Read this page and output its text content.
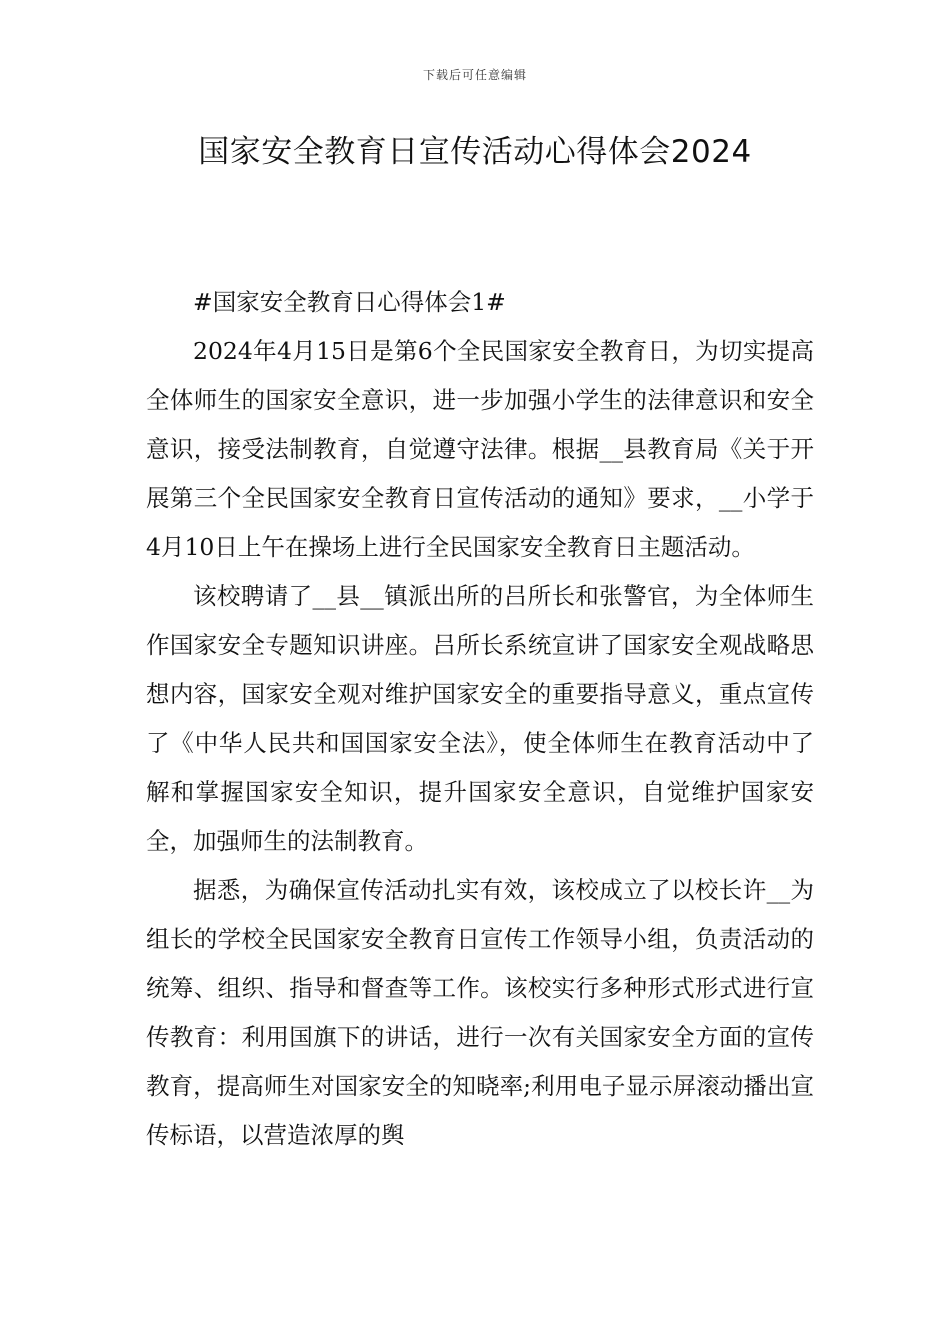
下载后可任意编辑
国家安全教育日宣传活动心得体会2024

#国家安全教育日心得体会1#

2024年4月15日是第6个全民国家安全教育日，为切实提高全体师生的国家安全意识，进一步加强小学生的法律意识和安全意识，接受法制教育，自觉遵守法律。根据__县教育局《关于开展第三个全民国家安全教育日宣传活动的通知》要求，__小学于4月10日上午在操场上进行全民国家安全教育日主题活动。

该校聘请了__县__镇派出所的吕所长和张警官，为全体师生作国家安全专题知识讲座。吕所长系统宣讲了国家安全观战略思想内容，国家安全观对维护国家安全的重要指导意义，重点宣传了《中华人民共和国国家安全法》，使全体师生在教育活动中了解和掌握国家安全知识，提升国家安全意识，自觉维护国家安全，加强师生的法制教育。

据悉，为确保宣传活动扎实有效，该校成立了以校长许__为组长的学校全民国家安全教育日宣传工作领导小组，负责活动的统筹、组织、指导和督查等工作。该校实行多种形式形式进行宣传教育：利用国旗下的讲话，进行一次有关国家安全方面的宣传教育，提高师生对国家安全的知晓率;利用电子显示屏滚动播出宣传标语，以营造浓厚的舆
